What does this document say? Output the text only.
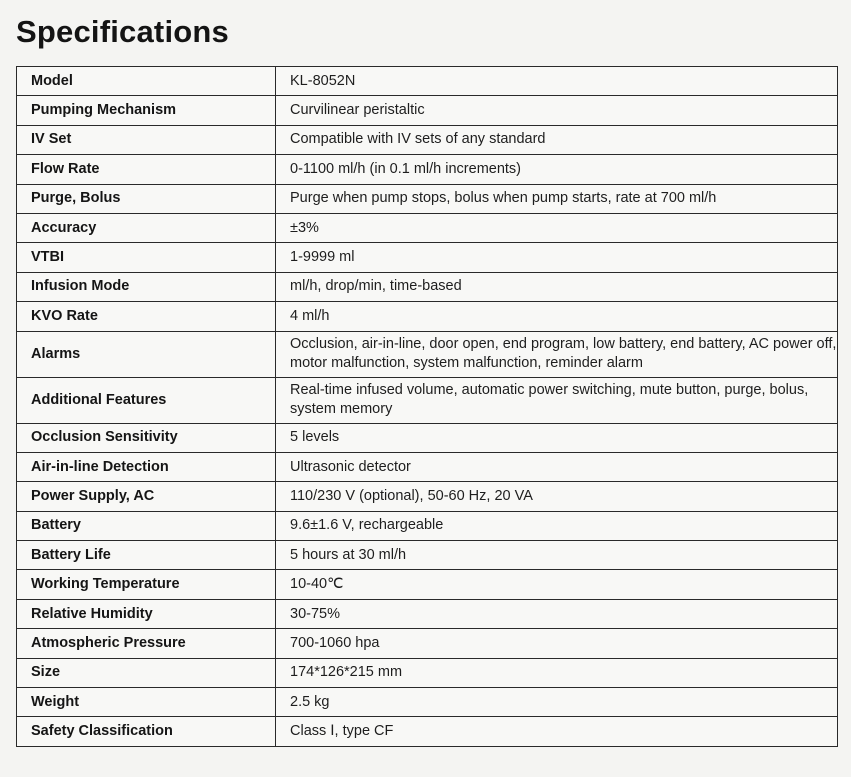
Specifications
Model	KL-8052N
Pumping Mechanism	Curvilinear peristaltic
IV Set	Compatible with IV sets of any standard
Flow Rate	0-1100 ml/h (in 0.1 ml/h increments)
Purge, Bolus	Purge when pump stops, bolus when pump starts, rate at 700 ml/h
Accuracy	±3%
VTBI	1-9999 ml
Infusion Mode	ml/h, drop/min, time-based
KVO Rate	4 ml/h
Alarms	Occlusion, air-in-line, door open, end program, low battery, end battery, AC power off, motor malfunction, system malfunction, reminder alarm
Additional Features	Real-time infused volume, automatic power switching, mute button, purge, bolus, system memory
Occlusion Sensitivity	5 levels
Air-in-line Detection	Ultrasonic detector
Power Supply, AC	110/230 V (optional), 50-60 Hz, 20 VA
Battery	9.6±1.6 V, rechargeable
Battery Life	5 hours at 30 ml/h
Working Temperature	10-40℃
Relative Humidity	30-75%
Atmospheric Pressure	700-1060 hpa
Size	174*126*215 mm
Weight	2.5 kg
Safety Classification	Class Ⅰ, type CF
